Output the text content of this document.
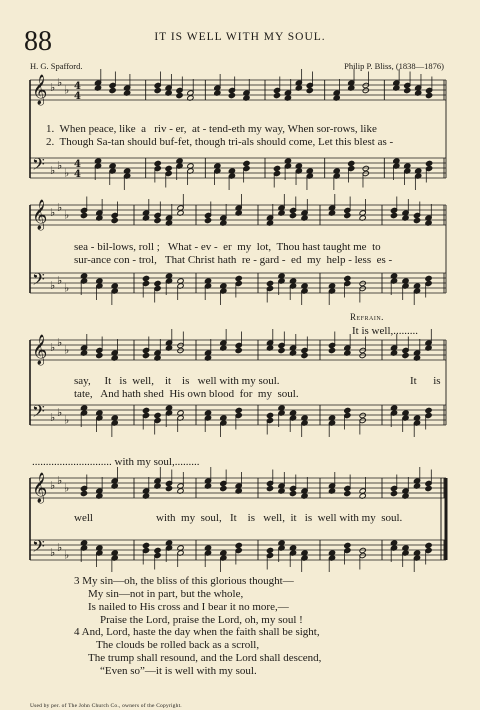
88	IT IS WELL WITH MY SOUL.
H. G. Spafford.	Philip P. Bliss, (1838—1876)
𝄞
𝄢
♭
♭
♭
♭
♭
♭
4
4
4
4
𝄞
𝄢
♭
♭
♭
♭
♭
♭
𝄞
𝄢
♭
♭
♭
♭
♭
♭
𝄞
𝄢
♭
♭
♭
♭
♭
♭
1.  When peace, like  a   riv - er,  at - tend-eth my way, When sor-rows, like
2.  Though Sa-tan should buf-fet, though tri-als should come, Let this blest as -
sea - bil-lows, roll ;   What - ev -  er  my  lot,  Thou hast taught me  to
sur-ance con - trol,   That Christ hath  re - gard -  ed  my  help - less  es -
Refrain.
It is well,.........
say,     It   is  well,    it    is   well with my soul.
tate,   And hath shed  His own blood  for  my  soul.
It      is
............................. with my soul,.........
well	with  my  soul,   It    is   well,  it   is  well with my  soul.
3 My sin—oh, the bliss of this glorious thought—
My sin—not in part, but the whole,
Is nailed to His cross and I bear it no more,—
Praise the Lord, praise the Lord, oh, my soul !
4 And, Lord, haste the day when the faith shall be sight,
The clouds be rolled back as a scroll,
The trump shall resound, and the Lord shall descend,
“Even so”—it is well with my soul.
Used by per. of The John Church Co., owners of the Copyright.
